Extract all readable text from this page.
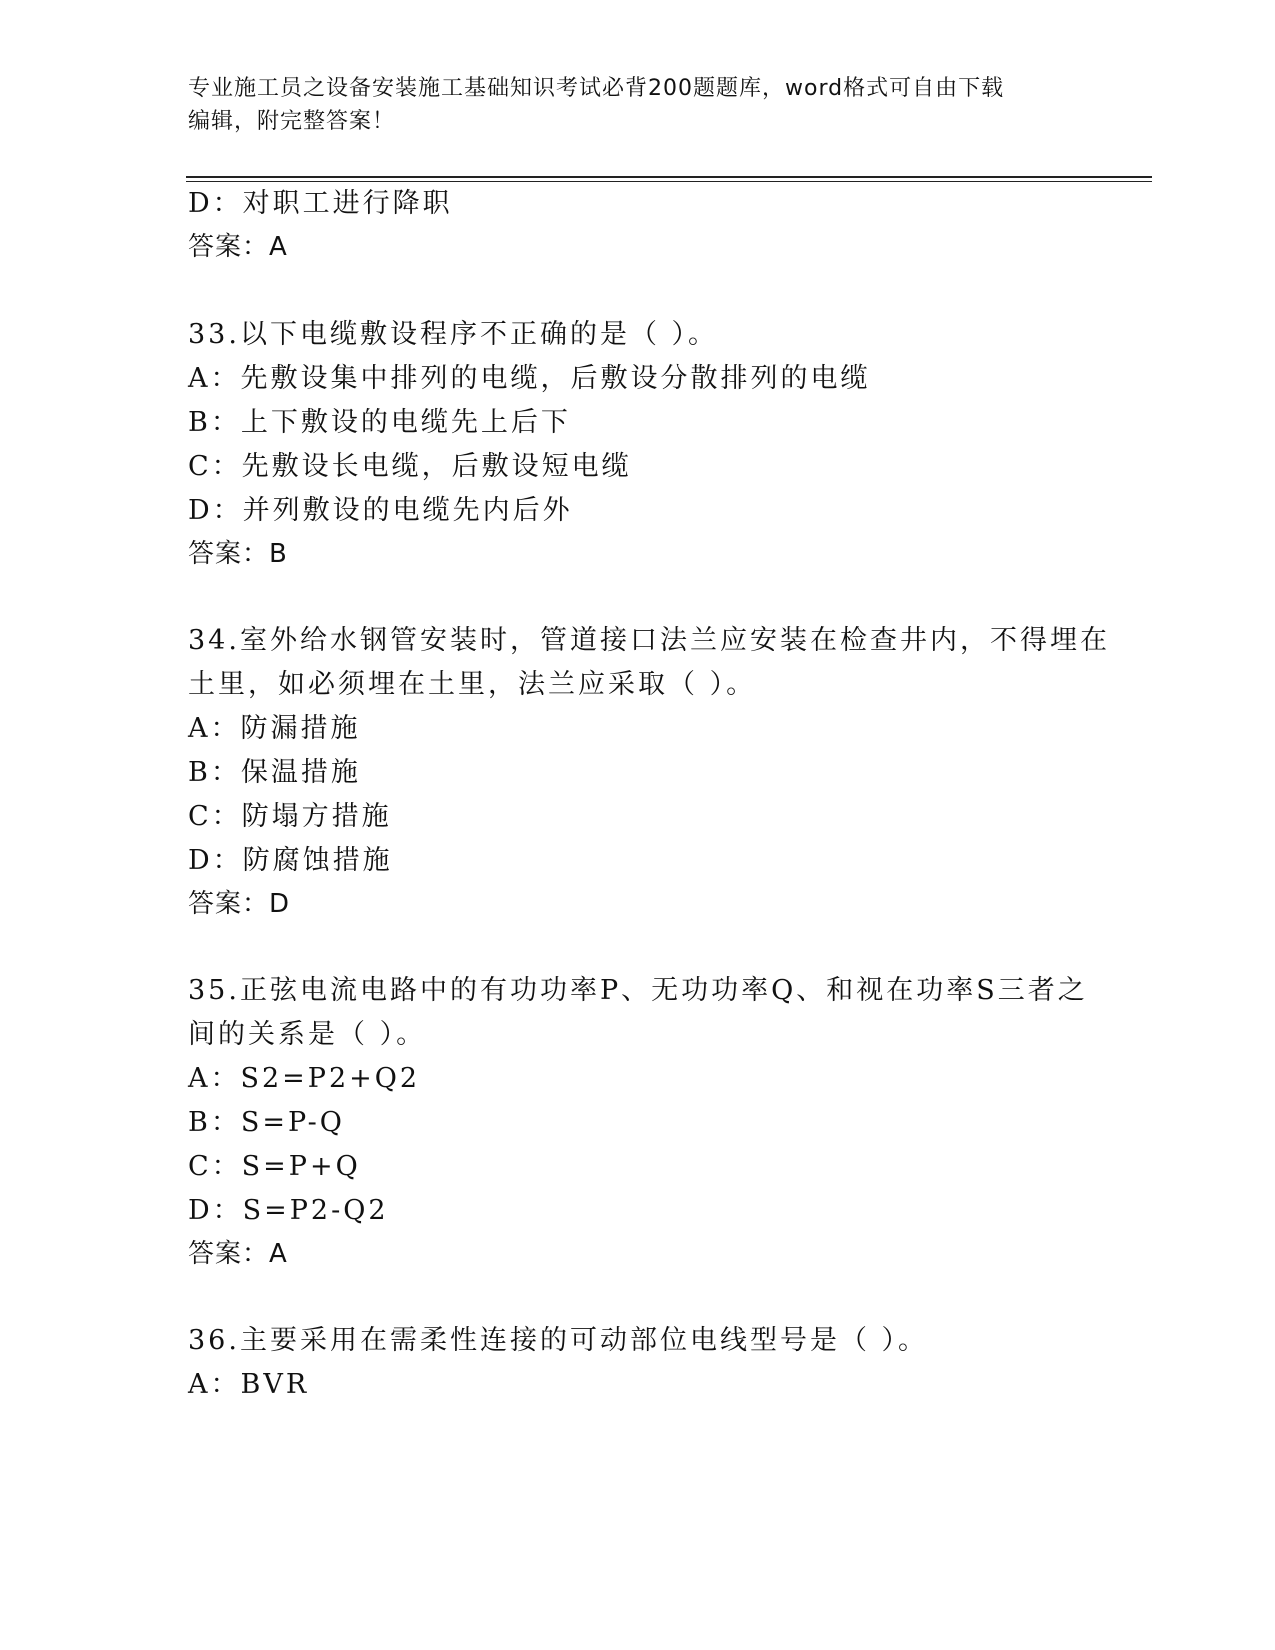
专业施工员之设备安装施工基础知识考试必背200题题库，word格式可自由下载
编辑，附完整答案！
D：对职工进行降职
答案：A
33.以下电缆敷设程序不正确的是（ ）。
A：先敷设集中排列的电缆，后敷设分散排列的电缆
B：上下敷设的电缆先上后下
C：先敷设长电缆，后敷设短电缆
D：并列敷设的电缆先内后外
答案：B
34.室外给水钢管安装时，管道接口法兰应安装在检查井内，不得埋在
土里，如必须埋在土里，法兰应采取（ ）。
A：防漏措施
B：保温措施
C：防塌方措施
D：防腐蚀措施
答案：D
35.正弦电流电路中的有功功率P、无功功率Q、和视在功率S三者之
间的关系是（ ）。
A：S2=P2+Q2
B：S=P-Q
C：S=P+Q
D：S=P2-Q2
答案：A
36.主要采用在需柔性连接的可动部位电线型号是（ ）。
A：BVR
